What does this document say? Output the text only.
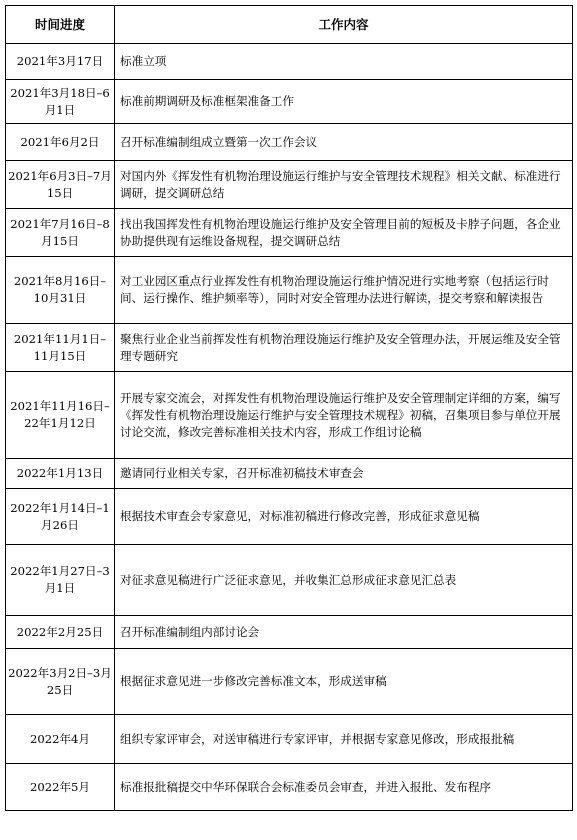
时间进度	工作内容
2021年3月17日	标准立项
2021年3月18日–6月1日	标准前期调研及标准框架准备工作
2021年6月2日	召开标准编制组成立暨第一次工作会议
2021年6月3日–7月15日	对国内外《挥发性有机物治理设施运行维护与安全管理技术规程》相关文献、标准进行调研，提交调研总结
2021年7月16日–8月15日	找出我国挥发性有机物治理设施运行维护及安全管理目前的短板及卡脖子问题，各企业协助提供现有运维设备规程，提交调研总结
2021年8月16日–10月31日	对工业园区重点行业挥发性有机物治理设施运行维护情况进行实地考察（包括运行时间、运行操作、维护频率等），同时对安全管理办法进行解读，提交考察和解读报告
2021年11月1日–11月15日	聚焦行业企业当前挥发性有机物治理设施运行维护及安全管理办法，开展运维及安全管理专题研究
2021年11月16日–22年1月12日	开展专家交流会，对挥发性有机物治理设施运行维护及安全管理制定详细的方案，编写《挥发性有机物治理设施运行维护与安全管理技术规程》初稿，召集项目参与单位开展讨论交流，修改完善标准相关技术内容，形成工作组讨论稿
2022年1月13日	邀请同行业相关专家，召开标准初稿技术审查会
2022年1月14日–1月26日	根据技术审查会专家意见，对标准初稿进行修改完善，形成征求意见稿
2022年1月27日–3月1日	对征求意见稿进行广泛征求意见，并收集汇总形成征求意见汇总表
2022年2月25日	召开标准编制组内部讨论会
2022年3月2日–3月25日	根据征求意见进一步修改完善标准文本，形成送审稿
2022年4月	组织专家评审会，对送审稿进行专家评审，并根据专家意见修改，形成报批稿
2022年5月	标准报批稿提交中华环保联合会标准委员会审查，并进入报批、发布程序
